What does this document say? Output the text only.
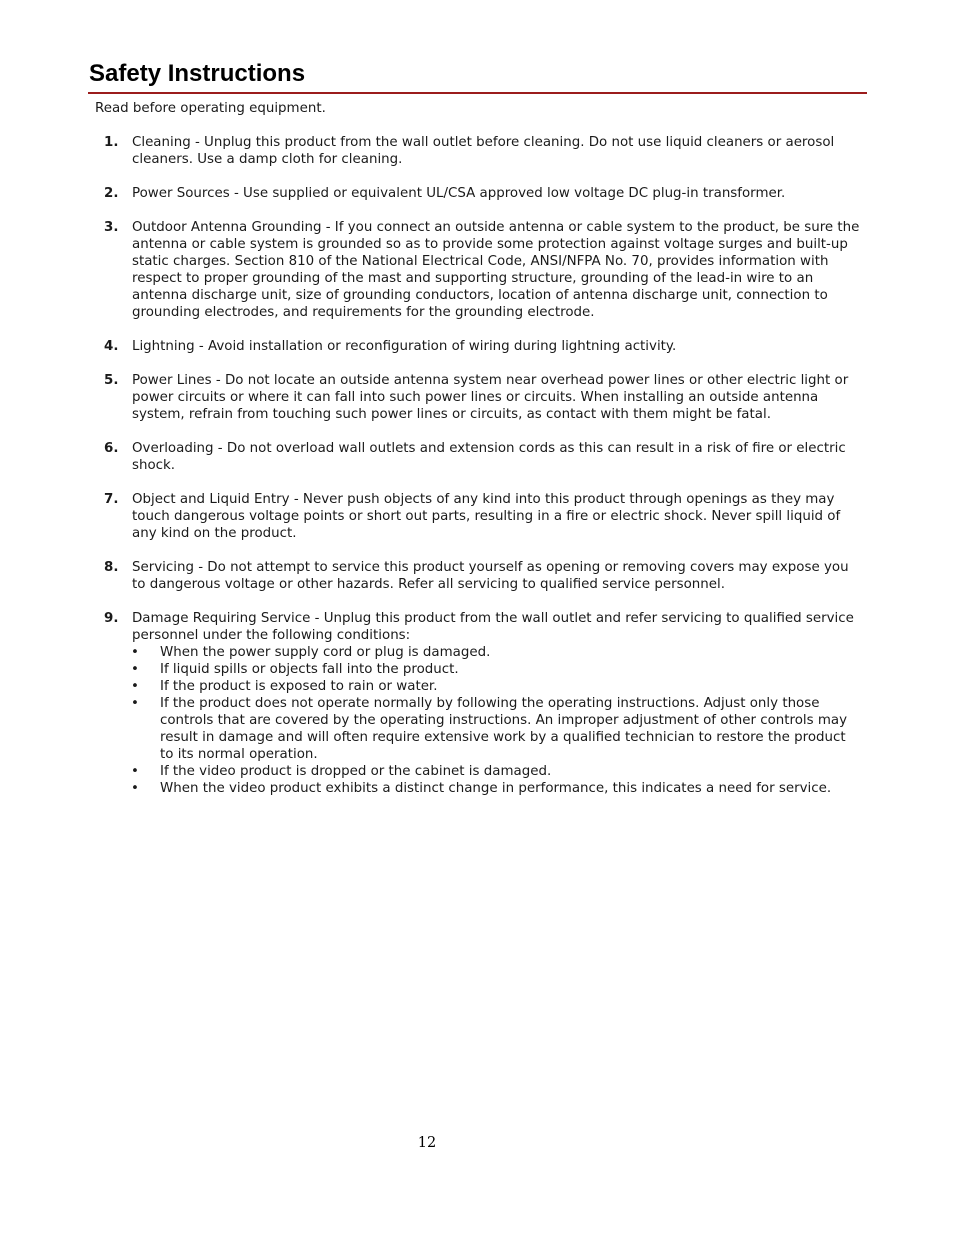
Safety Instructions

Read before operating equipment.

1. Cleaning - Unplug this product from the wall outlet before cleaning. Do not use liquid cleaners or aerosol cleaners. Use a damp cloth for cleaning.
2. Power Sources - Use supplied or equivalent UL/CSA approved low voltage DC plug-in transformer.
3. Outdoor Antenna Grounding - If you connect an outside antenna or cable system to the product, be sure the antenna or cable system is grounded so as to provide some protection against voltage surges and built-up static charges. Section 810 of the National Electrical Code, ANSI/NFPA No. 70, provides information with respect to proper grounding of the mast and supporting structure, grounding of the lead-in wire to an antenna discharge unit, size of grounding conductors, location of antenna discharge unit, connection to grounding electrodes, and requirements for the grounding electrode.
4. Lightning - Avoid installation or reconfiguration of wiring during lightning activity.
5. Power Lines - Do not locate an outside antenna system near overhead power lines or other electric light or power circuits or where it can fall into such power lines or circuits. When installing an outside antenna system, refrain from touching such power lines or circuits, as contact with them might be fatal.
6. Overloading - Do not overload wall outlets and extension cords as this can result in a risk of fire or electric shock.
7. Object and Liquid Entry - Never push objects of any kind into this product through openings as they may touch dangerous voltage points or short out parts, resulting in a fire or electric shock. Never spill liquid of any kind on the product.
8. Servicing - Do not attempt to service this product yourself as opening or removing covers may expose you to dangerous voltage or other hazards. Refer all servicing to qualified service personnel.
9. Damage Requiring Service - Unplug this product from the wall outlet and refer servicing to qualified service personnel under the following conditions:
• When the power supply cord or plug is damaged.
• If liquid spills or objects fall into the product.
• If the product is exposed to rain or water.
• If the product does not operate normally by following the operating instructions. Adjust only those controls that are covered by the operating instructions. An improper adjustment of other controls may result in damage and will often require extensive work by a qualified technician to restore the product to its normal operation.
• If the video product is dropped or the cabinet is damaged.
• When the video product exhibits a distinct change in performance, this indicates a need for service.
12
